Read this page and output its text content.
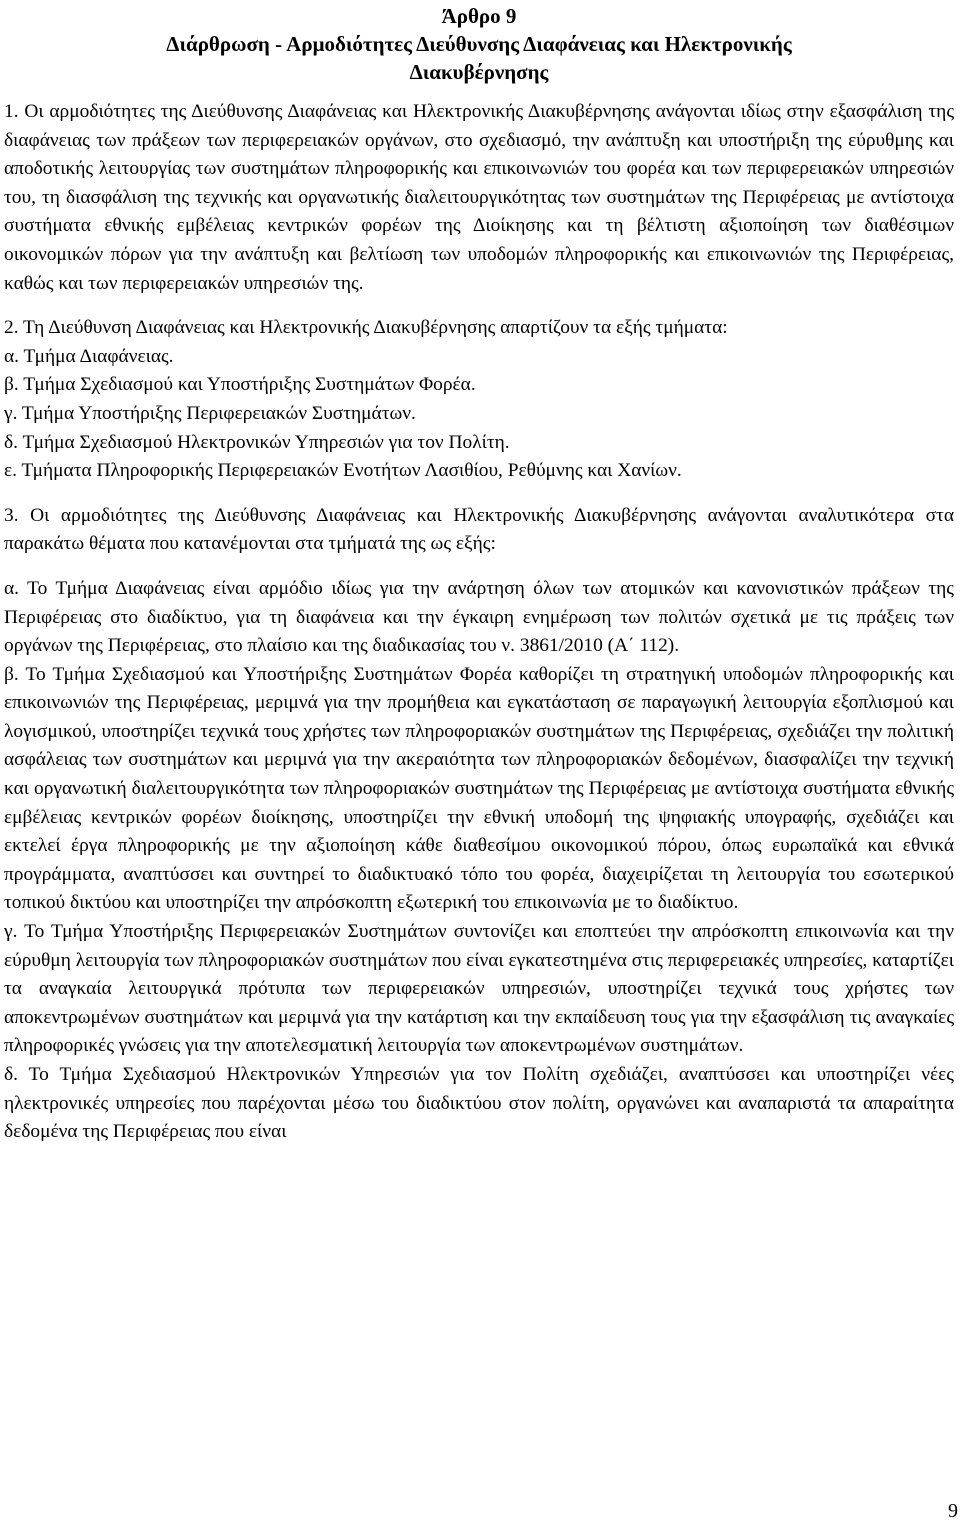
Άρθρο 9
Διάρθρωση - Αρμοδιότητες Διεύθυνσης Διαφάνειας και Ηλεκτρονικής
Διακυβέρνησης

1. Οι αρμοδιότητες της Διεύθυνσης Διαφάνειας και Ηλεκτρονικής Διακυβέρνησης ανάγονται ιδίως στην εξασφάλιση της διαφάνειας των πράξεων των περιφερειακών οργάνων, στο σχεδιασμό, την ανάπτυξη και υποστήριξη της εύρυθμης και αποδοτικής λειτουργίας των συστημάτων πληροφορικής και επικοινωνιών του φορέα και των περιφερειακών υπηρεσιών του, τη διασφάλιση της τεχνικής και οργανωτικής διαλειτουργικότητας των συστημάτων της Περιφέρειας με αντίστοιχα συστήματα εθνικής εμβέλειας κεντρικών φορέων της Διοίκησης και τη βέλτιστη αξιοποίηση των διαθέσιμων οικονομικών πόρων για την ανάπτυξη και βελτίωση των υποδομών πληροφορικής και επικοινωνιών της Περιφέρειας, καθώς και των περιφερειακών υπηρεσιών της.

2. Τη Διεύθυνση Διαφάνειας και Ηλεκτρονικής Διακυβέρνησης απαρτίζουν τα εξής τμήματα:

α. Τμήμα Διαφάνειας.
β. Τμήμα Σχεδιασμού και Υποστήριξης Συστημάτων Φορέα.
γ. Τμήμα Υποστήριξης Περιφερειακών Συστημάτων.
δ. Τμήμα Σχεδιασμού Ηλεκτρονικών Υπηρεσιών για τον Πολίτη.
ε. Τμήματα Πληροφορικής Περιφερειακών Ενοτήτων Λασιθίου, Ρεθύμνης και Χανίων.

3. Οι αρμοδιότητες της Διεύθυνσης Διαφάνειας και Ηλεκτρονικής Διακυβέρνησης ανάγονται αναλυτικότερα στα παρακάτω θέματα που κατανέμονται στα τμήματά της ως εξής:

α. Το Τμήμα Διαφάνειας είναι αρμόδιο ιδίως για την ανάρτηση όλων των ατομικών και κανονιστικών πράξεων της Περιφέρειας στο διαδίκτυο, για τη διαφάνεια και την έγκαιρη ενημέρωση των πολιτών σχετικά με τις πράξεις των οργάνων της Περιφέρειας, στο πλαίσιο και της διαδικασίας του ν. 3861/2010 (Α΄ 112).

β. Το Τμήμα Σχεδιασμού και Υποστήριξης Συστημάτων Φορέα καθορίζει τη στρατηγική υποδομών πληροφορικής και επικοινωνιών της Περιφέρειας, μεριμνά για την προμήθεια και εγκατάσταση σε παραγωγική λειτουργία εξοπλισμού και λογισμικού, υποστηρίζει τεχνικά τους χρήστες των πληροφοριακών συστημάτων της Περιφέρειας, σχεδιάζει την πολιτική ασφάλειας των συστημάτων και μεριμνά για την ακεραιότητα των πληροφοριακών δεδομένων, διασφαλίζει την τεχνική και οργανωτική διαλειτουργικότητα των πληροφοριακών συστημάτων της Περιφέρειας με αντίστοιχα συστήματα εθνικής εμβέλειας κεντρικών φορέων διοίκησης, υποστηρίζει την εθνική υποδομή της ψηφιακής υπογραφής, σχεδιάζει και εκτελεί έργα πληροφορικής με την αξιοποίηση κάθε διαθεσίμου οικονομικού πόρου, όπως ευρωπαϊκά και εθνικά προγράμματα, αναπτύσσει και συντηρεί το διαδικτυακό τόπο του φορέα, διαχειρίζεται τη λειτουργία του εσωτερικού τοπικού δικτύου και υποστηρίζει την απρόσκοπτη εξωτερική του επικοινωνία με το διαδίκτυο.

γ. Το Τμήμα Υποστήριξης Περιφερειακών Συστημάτων συντονίζει και εποπτεύει την απρόσκοπτη επικοινωνία και την εύρυθμη λειτουργία των πληροφοριακών συστημάτων που είναι εγκατεστημένα στις περιφερειακές υπηρεσίες, καταρτίζει τα αναγκαία λειτουργικά πρότυπα των περιφερειακών υπηρεσιών, υποστηρίζει τεχνικά τους χρήστες των αποκεντρωμένων συστημάτων και μεριμνά για την κατάρτιση και την εκπαίδευση τους για την εξασφάλιση τις αναγκαίες πληροφορικές γνώσεις για την αποτελεσματική λειτουργία των αποκεντρωμένων συστημάτων.

δ. Το Τμήμα Σχεδιασμού Ηλεκτρονικών Υπηρεσιών για τον Πολίτη σχεδιάζει, αναπτύσσει και υποστηρίζει νέες ηλεκτρονικές υπηρεσίες που παρέχονται μέσω του διαδικτύου στον πολίτη, οργανώνει και αναπαριστά τα απαραίτητα δεδομένα της Περιφέρειας που είναι

9
